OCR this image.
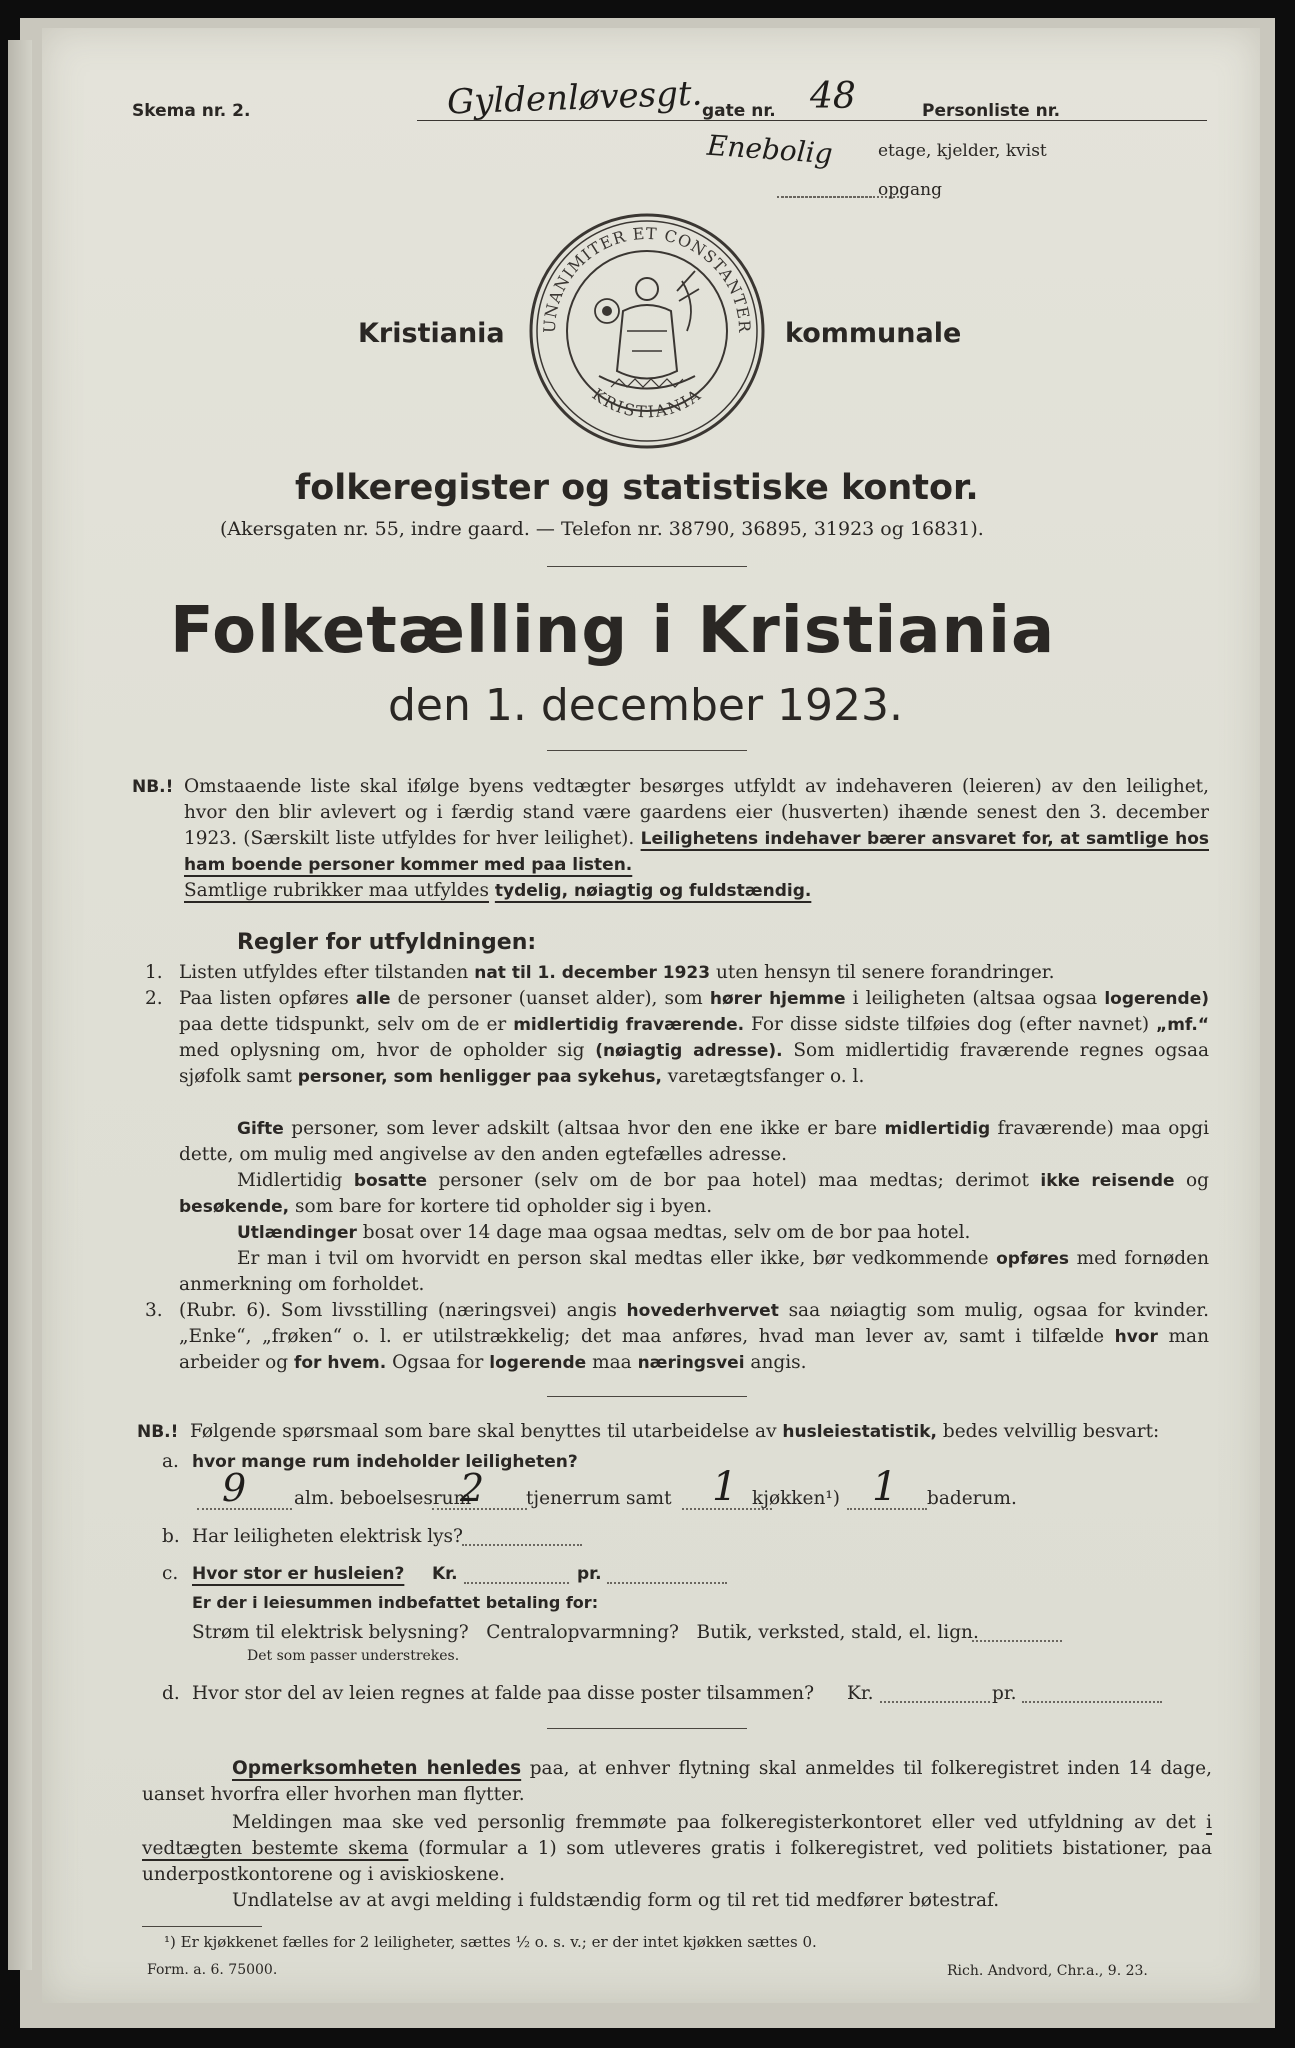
Skema nr. 2.	Gyldenløvesgt.
gate nr. 48	Personliste nr.
Enebolig	etage, kjelder, kvist
opgang
UNANIMITER ET CONSTANTER
KRISTIANIA
Kristiania	kommunale
folkeregister og statistiske kontor.
(Akersgaten nr. 55, indre gaard. — Telefon nr. 38790, 36895, 31923 og 16831).
Folketælling i Kristiania
den 1. december 1923.
NB.! Omstaaende liste skal ifølge byens vedtægter besørges utfyldt av indehaveren (leieren) av den leilighet, hvor den blir avlevert og i færdig stand være gaardens eier (husverten) ihænde senest den 3. december 1923. (Særskilt liste utfyldes for hver leilighet). Leilighetens indehaver bærer ansvaret for, at samtlige hos ham boende personer kommer med paa listen.
Samtlige rubrikker maa utfyldes tydelig, nøiagtig og fuldstændig.

Regler for utfyldningen:
1. Listen utfyldes efter tilstanden nat til 1. december 1923 uten hensyn til senere forandringer.

2. Paa listen opføres alle de personer (uanset alder), som hører hjemme i leiligheten (altsaa ogsaa logerende) paa dette tidspunkt, selv om de er midlertidig fraværende. For disse sidste tilføies dog (efter navnet) „mf.“ med oplysning om, hvor de opholder sig (nøiagtig adresse). Som midlertidig fraværende regnes ogsaa sjøfolk samt personer, som henligger paa sykehus, varetægtsfanger o. l.

Gifte personer, som lever adskilt (altsaa hvor den ene ikke er bare midlertidig fraværende) maa opgi dette, om mulig med angivelse av den anden egtefælles adresse.

Midlertidig bosatte personer (selv om de bor paa hotel) maa medtas; derimot ikke reisende og besøkende, som bare for kortere tid opholder sig i byen.

Utlændinger bosat over 14 dage maa ogsaa medtas, selv om de bor paa hotel.

Er man i tvil om hvorvidt en person skal medtas eller ikke, bør vedkommende opføres med fornøden anmerkning om forholdet.

3. (Rubr. 6). Som livsstilling (næringsvei) angis hovederhvervet saa nøiagtig som mulig, ogsaa for kvinder. „Enke“, „frøken“ o. l. er utilstrækkelig; det maa anføres, hvad man lever av, samt i tilfælde hvor man arbeider og for hvem. Ogsaa for logerende maa næringsvei angis.

NB.! Følgende spørsmaal som bare skal benyttes til utarbeidelse av husleiestatistik, bedes velvillig besvart:

a. hvor mange rum indeholder leiligheten?
9	alm. beboelsesrum
2 tjenerrum samt 1 kjøkken¹) 1 baderum.
b. Har leiligheten elektrisk lys?
c. Hvor stor er husleien? Kr.	pr.
Er der i leiesummen indbefattet betaling for:
Strøm til elektrisk belysning?   Centralopvarmning?   Butik, verksted, stald, el. lign.
Det som passer understrekes.
d. Hvor stor del av leien regnes at falde paa disse poster tilsammen? Kr.	pr.

Opmerksomheten henledes paa, at enhver flytning skal anmeldes til folkeregistret inden 14 dage, uanset hvorfra eller hvorhen man flytter.

Meldingen maa ske ved personlig fremmøte paa folkeregisterkontoret eller ved utfyldning av det i vedtægten bestemte skema (formular a 1) som utleveres gratis i folkeregistret, ved politiets bistationer, paa underpostkontorene og i aviskioskene.

Undlatelse av at avgi melding i fuldstændig form og til ret tid medfører bøtestraf.

¹) Er kjøkkenet fælles for 2 leiligheter, sættes ½ o. s. v.; er der intet kjøkken sættes 0.
Form. a. 6. 75000.	Rich. Andvord, Chr.a., 9. 23.
